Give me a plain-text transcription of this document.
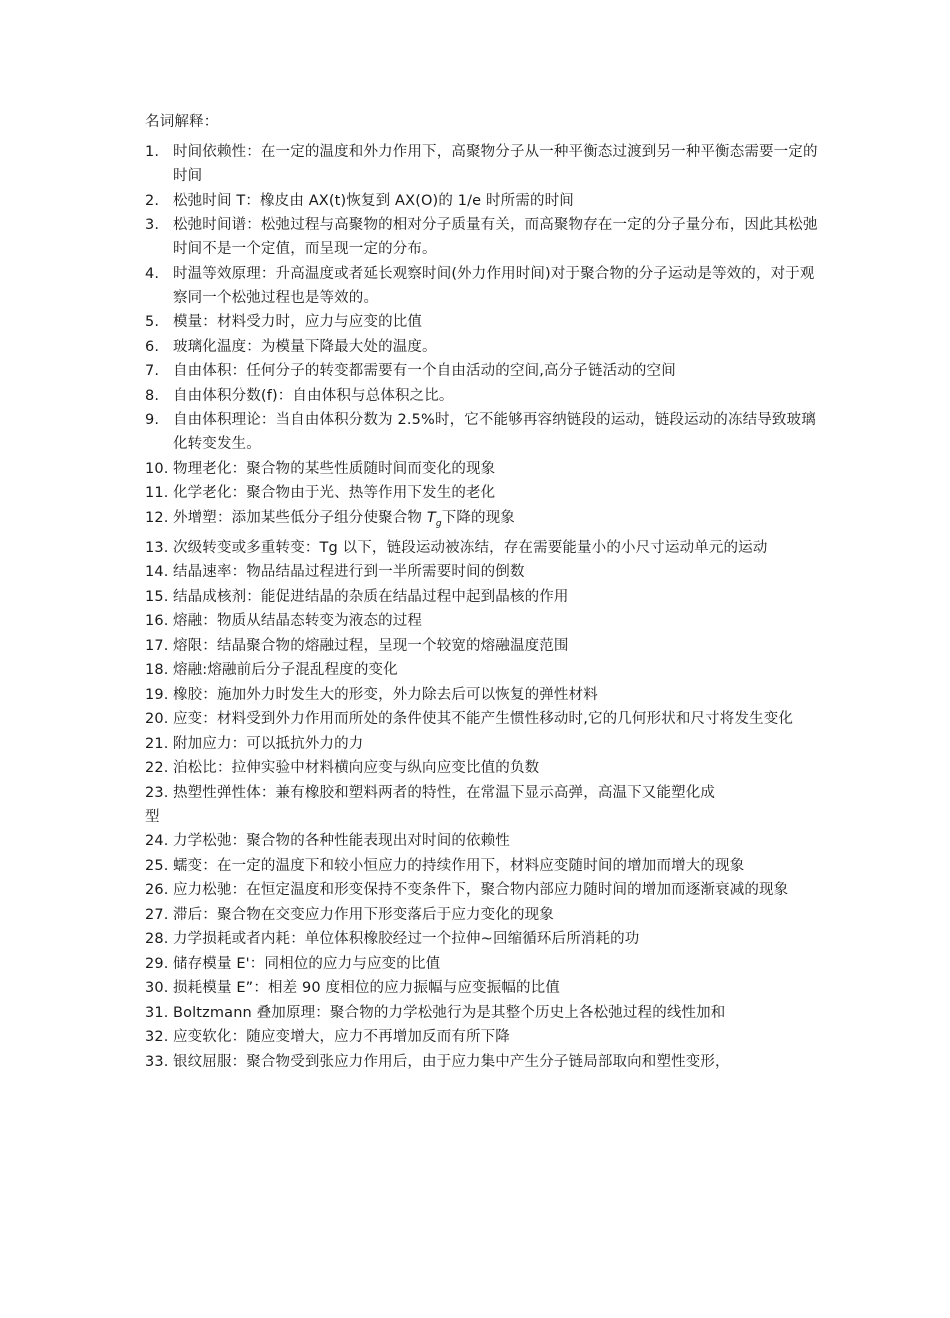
名词解释：
1. 时间依赖性：在一定的温度和外力作用下，高聚物分子从一种平衡态过渡到另一种平衡态需要一定的时间
2. 松弛时间 T：橡皮由 AX(t)恢复到 AX(O)的 1/e 时所需的时间
3. 松弛时间谱：松弛过程与高聚物的相对分子质量有关，而高聚物存在一定的分子量分布，因此其松弛时间不是一个定值，而呈现一定的分布。
4. 时温等效原理：升高温度或者延长观察时间(外力作用时间)对于聚合物的分子运动是等效的，对于观察同一个松弛过程也是等效的。
5. 模量：材料受力时，应力与应变的比值
6. 玻璃化温度：为模量下降最大处的温度。
7. 自由体积：任何分子的转变都需要有一个自由活动的空间,高分子链活动的空间
8. 自由体积分数(f)：自由体积与总体积之比。
9. 自由体积理论：当自由体积分数为 2.5%时，它不能够再容纳链段的运动，链段运动的冻结导致玻璃化转变发生。
10. 物理老化：聚合物的某些性质随时间而变化的现象
11. 化学老化：聚合物由于光、热等作用下发生的老化
12. 外增塑：添加某些低分子组分使聚合物 $T_g$下降的现象
13. 次级转变或多重转变：Tg 以下，链段运动被冻结，存在需要能量小的小尺寸运动单元的运动
14. 结晶速率：物品结晶过程进行到一半所需要时间的倒数
15. 结晶成核剂：能促进结晶的杂质在结晶过程中起到晶核的作用
16. 熔融：物质从结晶态转变为液态的过程
17. 熔限：结晶聚合物的熔融过程，呈现一个较宽的熔融温度范围
18. 熔融:熔融前后分子混乱程度的变化
19. 橡胶：施加外力时发生大的形变，外力除去后可以恢复的弹性材料
20. 应变：材料受到外力作用而所处的条件使其不能产生惯性移动时,它的几何形状和尺寸将发生变化
21. 附加应力：可以抵抗外力的力
22. 泊松比：拉伸实验中材料横向应变与纵向应变比值的负数
23. 热塑性弹性体：兼有橡胶和塑料两者的特性，在常温下显示高弹，高温下又能塑化成
型
24. 力学松弛：聚合物的各种性能表现出对时间的依赖性
25. 蠕变：在一定的温度下和较小恒应力的持续作用下，材料应变随时间的增加而增大的现象
26. 应力松驰：在恒定温度和形变保持不变条件下，聚合物内部应力随时间的增加而逐渐衰减的现象
27. 滞后：聚合物在交变应力作用下形变落后于应力变化的现象
28. 力学损耗或者内耗：单位体积橡胶经过一个拉伸~回缩循环后所消耗的功
29. 储存模量 E'：同相位的应力与应变的比值
30. 损耗模量 E”：相差 90 度相位的应力振幅与应变振幅的比值
31. Boltzmann 叠加原理：聚合物的力学松弛行为是其整个历史上各松弛过程的线性加和
32. 应变软化：随应变增大，应力不再增加反而有所下降
33. 银纹屈服：聚合物受到张应力作用后，由于应力集中产生分子链局部取向和塑性变形，
